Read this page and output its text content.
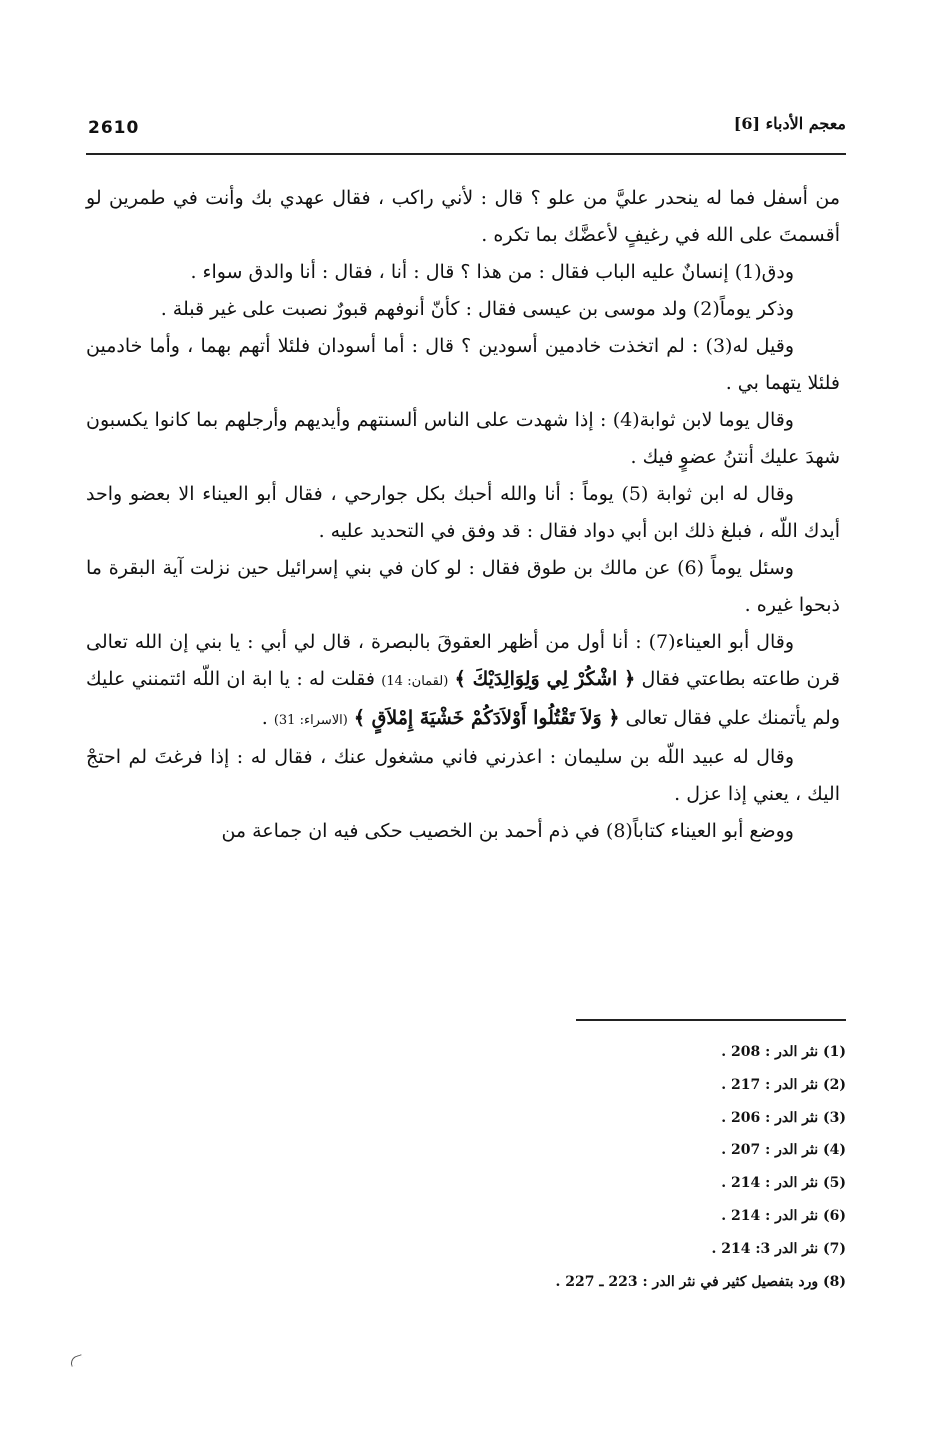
2610	معجم الأدباء [6]

من أسفل فما له ينحدر عليَّ من علو ؟ قال : لأني راكب ، فقال عهدي بك وأنت في طمرين لو أقسمتَ على الله في رغيفٍ لأعضَّك بما تكره .

ودق(1) إنسانٌ عليه الباب فقال : من هذا ؟ قال : أنا ، فقال : أنا والدق سواء .

وذكر يوماً(2) ولد موسى بن عيسى فقال : كأنّ أنوفهم قبورٌ نصبت على غير قبلة .

وقيل له(3) : لم اتخذت خادمين أسودين ؟ قال : أما أسودان فلئلا أتهم بهما ، وأما خادمين فلئلا يتهما بي .

وقال يوما لابن ثوابة(4) : إذا شهدت على الناس ألسنتهم وأيديهم وأرجلهم بما كانوا يكسبون شهدَ عليك أنتنُ عضوٍ فيك .

وقال له ابن ثوابة (5) يوماً : أنا والله أحبك بكل جوارحي ، فقال أبو العيناء الا بعضو واحد أيدك اللّه ، فبلغ ذلك ابن أبي دواد فقال : قد وفق في التحديد عليه .

وسئل يوماً (6) عن مالك بن طوق فقال : لو كان في بني إسرائيل حين نزلت آية البقرة ما ذبحوا غيره .

وقال أبو العيناء(7) : أنا أول من أظهر العقوقَ بالبصرة ، قال لي أبي : يا بني إن الله تعالى قرن طاعته بطاعتي فقال ﴿ اشْكُرْ لِي وَلِوَالِدَيْكَ ﴾ (لقمان: 14) فقلت له : يا ابة ان اللّه ائتمنني عليك ولم يأتمنك علي فقال تعالى ﴿ وَلاَ تَقْتُلُوا أَوْلاَدَكُمْ خَشْيَةَ إِمْلاَقٍ ﴾ (الاسراء: 31) .

وقال له عبيد اللّه بن سليمان : اعذرني فاني مشغول عنك ، فقال له : إذا فرغتَ لم احتجْ اليك ، يعني إذا عزل .

ووضع أبو العيناء كتاباً(8) في ذم أحمد بن الخصيب حكى فيه ان جماعة من

(1) نثر الدر : 208 .
(2) نثر الدر : 217 .
(3) نثر الدر : 206 .
(4) نثر الدر : 207 .
(5) نثر الدر : 214 .
(6) نثر الدر : 214 .
(7) نثر الدر 3: 214 .
(8) ورد بتفصيل كثير في نثر الدر : 223 ـ 227 .
